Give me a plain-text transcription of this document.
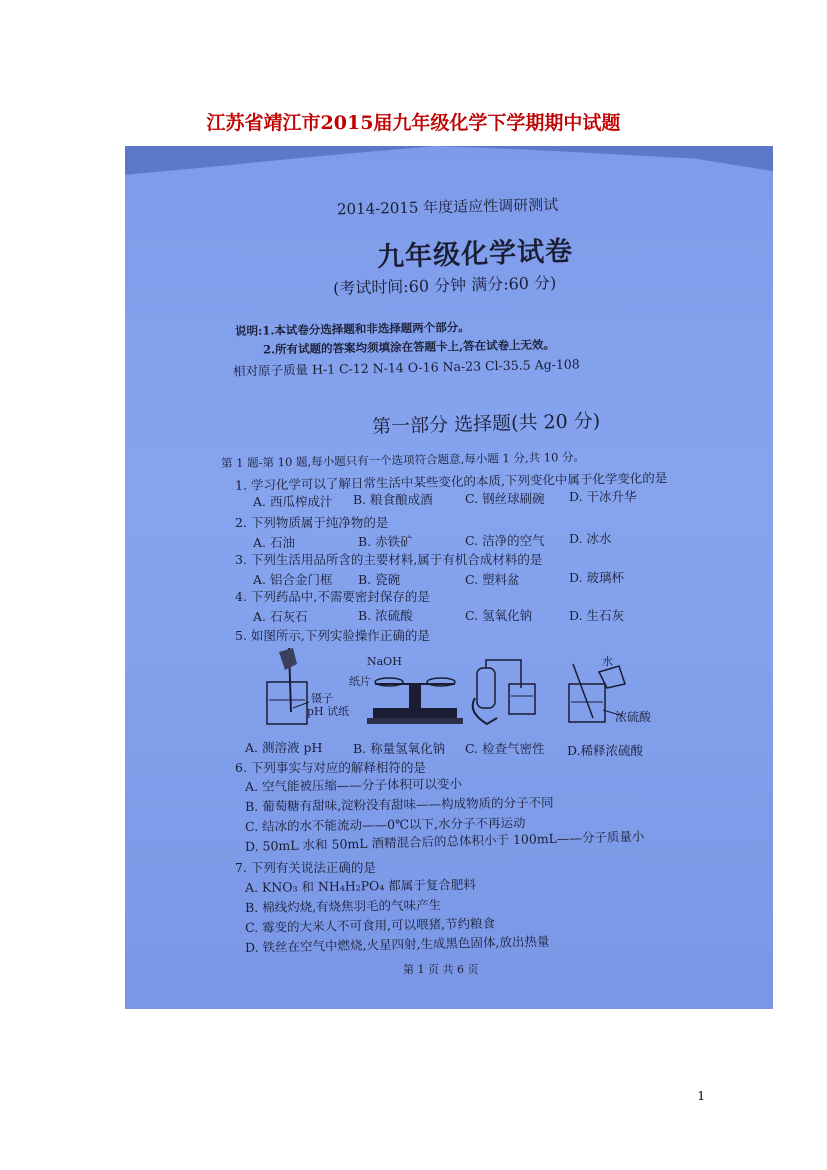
江苏省靖江市2015届九年级化学下学期期中试题
2014-2015 年度适应性调研测试
九年级化学试卷
(考试时间:60 分钟 满分:60 分)
说明:1.本试卷分选择题和非选择题两个部分。
2.所有试题的答案均须填涂在答题卡上,答在试卷上无效。
相对原子质量 H-1 C-12 N-14 O-16 Na-23 Cl-35.5 Ag-108
第一部分 选择题(共 20 分)
第 1 题-第 10 题,每小题只有一个选项符合题意,每小题 1 分,共 10 分。
1. 学习化学可以了解日常生活中某些变化的本质,下列变化中属于化学变化的是
A. 西瓜榨成汁 B. 粮食酿成酒	C. 钢丝球刷碗 D. 干冰升华
2. 下列物质属于纯净物的是
A. 石油	B. 赤铁矿	C. 洁净的空气 D. 冰水
3. 下列生活用品所含的主要材料,属于有机合成材料的是
A. 铝合金门框 B. 瓷碗	C. 塑料盆	D. 玻璃杯
4. 下列药品中,不需要密封保存的是
A. 石灰石	B. 浓硫酸	C. 氢氧化钠	D. 生石灰
5. 如图所示,下列实验操作正确的是
镊子
pH 试纸
NaOH
纸片
水
浓硫酸
A. 测溶液 pH B. 称量氢氧化钠 C. 检查气密性 D.稀释浓硫酸
6. 下列事实与对应的解释相符的是
A. 空气能被压缩——分子体积可以变小
B. 葡萄糖有甜味,淀粉没有甜味——构成物质的分子不同
C. 结冰的水不能流动——0℃以下,水分子不再运动
D. 50mL 水和 50mL 酒精混合后的总体积小于 100mL——分子质量小
7. 下列有关说法正确的是
A. KNO₃ 和 NH₄H₂PO₄ 都属于复合肥料
B. 棉线灼烧,有烧焦羽毛的气味产生
C. 霉变的大米人不可食用,可以喂猪,节约粮食
D. 铁丝在空气中燃烧,火星四射,生成黑色固体,放出热量
第 1 页 共 6 页
1
